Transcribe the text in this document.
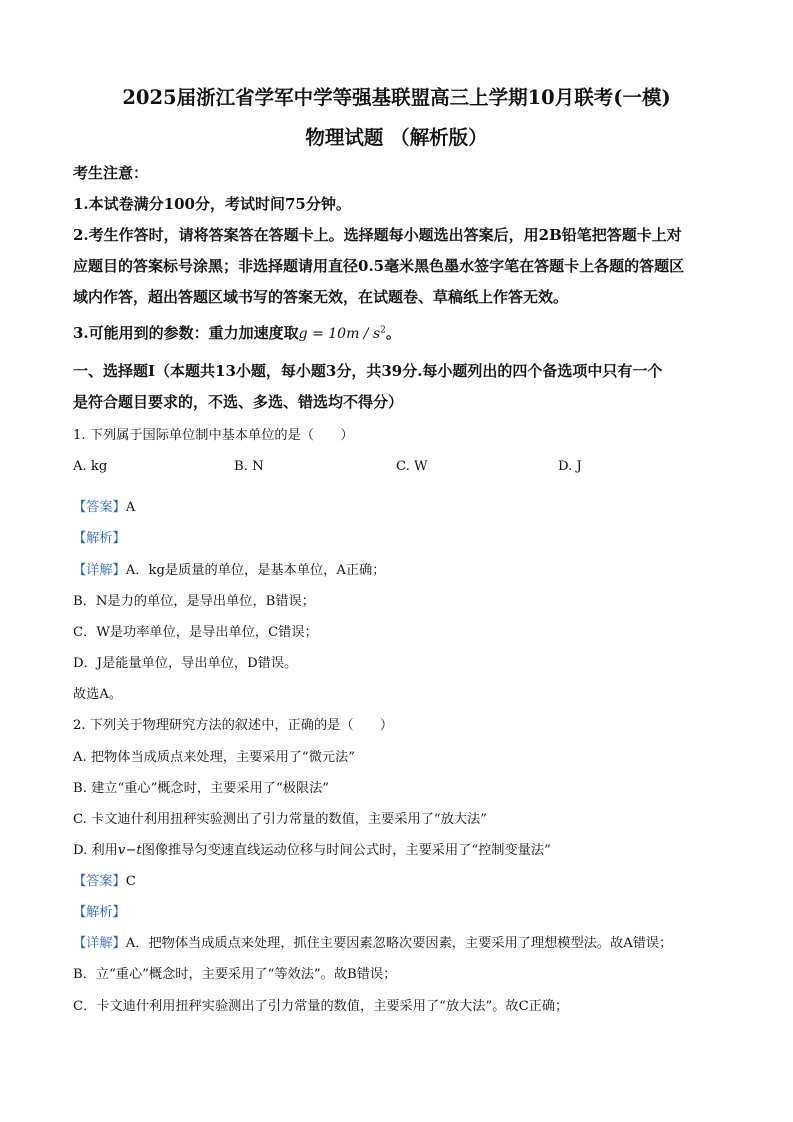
2025届浙江省学军中学等强基联盟高三上学期10月联考(一模)
物理试题 （解析版）
考生注意：
1.本试卷满分100分，考试时间75分钟。
2.考生作答时，请将答案答在答题卡上。选择题每小题选出答案后，用2B铅笔把答题卡上对
应题目的答案标号涂黑；非选择题请用直径0.5毫米黑色墨水签字笔在答题卡上各题的答题区
域内作答，超出答题区域书写的答案无效，在试题卷、草稿纸上作答无效。
3.可能用到的参数：重力加速度取$g = 10m / s^2$。
一、选择题Ⅰ（本题共13小题，每小题3分，共39分.每小题列出的四个备选项中只有一个
是符合题目要求的，不选、多选、错选均不得分）
1. 下列属于国际单位制中基本单位的是（　　）
A. kg	B. N	C. W	D. J
【答案】A
【解析】
【详解】A．kg是质量的单位，是基本单位，A正确；
B．N是力的单位，是导出单位，B错误；
C．W是功率单位，是导出单位，C错误；
D．J是能量单位，导出单位，D错误。
故选A。
2. 下列关于物理研究方法的叙述中，正确的是（　　）
A. 把物体当成质点来处理，主要采用了“微元法”
B. 建立“重心”概念时，主要采用了“极限法”
C. 卡文迪什利用扭秤实验测出了引力常量的数值，主要采用了“放大法”
D. 利用v−t图像推导匀变速直线运动位移与时间公式时，主要采用了“控制变量法”
【答案】C
【解析】
【详解】A．把物体当成质点来处理，抓住主要因素忽略次要因素，主要采用了理想模型法。故A错误；
B．立“重心”概念时，主要采用了“等效法”。故B错误；
C．卡文迪什利用扭秤实验测出了引力常量的数值，主要采用了“放大法”。故C正确；
